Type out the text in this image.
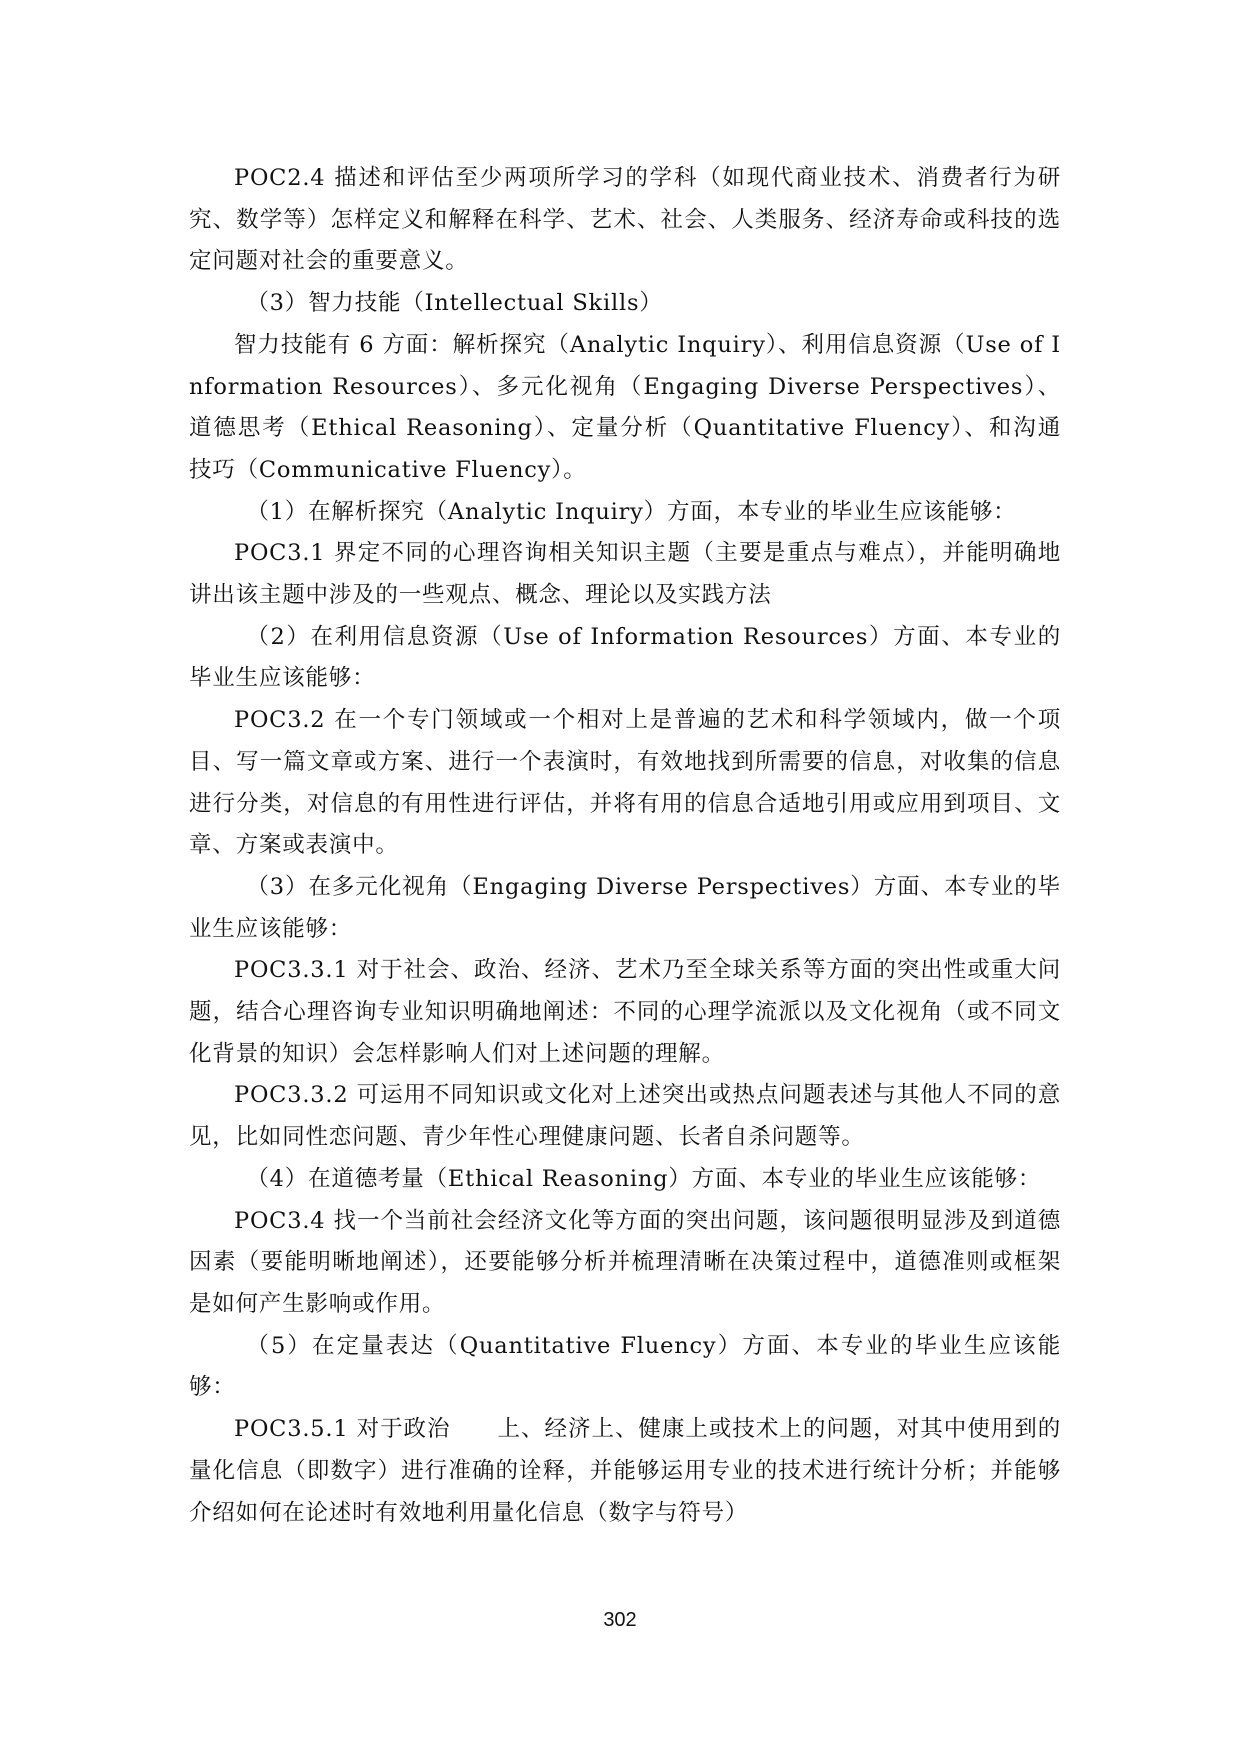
POC2.4 描述和评估至少两项所学习的学科（如现代商业技术、消费者行为研究、数学等）怎样定义和解释在科学、艺术、社会、人类服务、经济寿命或科技的选定问题对社会的重要意义。

（3）智力技能（Intellectual Skills）

智力技能有 6 方面：解析探究（Analytic Inquiry）、利用信息资源（Use of Information Resources）、多元化视角（Engaging Diverse Perspectives）、道德思考（Ethical Reasoning）、定量分析（Quantitative Fluency）、和沟通技巧（Communicative Fluency）。

（1）在解析探究（Analytic Inquiry）方面，本专业的毕业生应该能够：

POC3.1 界定不同的心理咨询相关知识主题（主要是重点与难点），并能明确地讲出该主题中涉及的一些观点、概念、理论以及实践方法

（2）在利用信息资源（Use of Information Resources）方面、本专业的毕业生应该能够：

POC3.2 在一个专门领域或一个相对上是普遍的艺术和科学领域内，做一个项目、写一篇文章或方案、进行一个表演时，有效地找到所需要的信息，对收集的信息进行分类，对信息的有用性进行评估，并将有用的信息合适地引用或应用到项目、文章、方案或表演中。

（3）在多元化视角（Engaging Diverse Perspectives）方面、本专业的毕业生应该能够：

POC3.3.1 对于社会、政治、经济、艺术乃至全球关系等方面的突出性或重大问题，结合心理咨询专业知识明确地阐述：不同的心理学流派以及文化视角（或不同文化背景的知识）会怎样影响人们对上述问题的理解。

POC3.3.2 可运用不同知识或文化对上述突出或热点问题表述与其他人不同的意见，比如同性恋问题、青少年性心理健康问题、长者自杀问题等。

（4）在道德考量（Ethical Reasoning）方面、本专业的毕业生应该能够：

POC3.4 找一个当前社会经济文化等方面的突出问题，该问题很明显涉及到道德因素（要能明晰地阐述），还要能够分析并梳理清晰在决策过程中，道德准则或框架是如何产生影响或作用。

（5）在定量表达（Quantitative Fluency）方面、本专业的毕业生应该能够：

POC3.5.1 对于政治　　上、经济上、健康上或技术上的问题，对其中使用到的量化信息（即数字）进行准确的诠释，并能够运用专业的技术进行统计分析；并能够介绍如何在论述时有效地利用量化信息（数字与符号）

302
